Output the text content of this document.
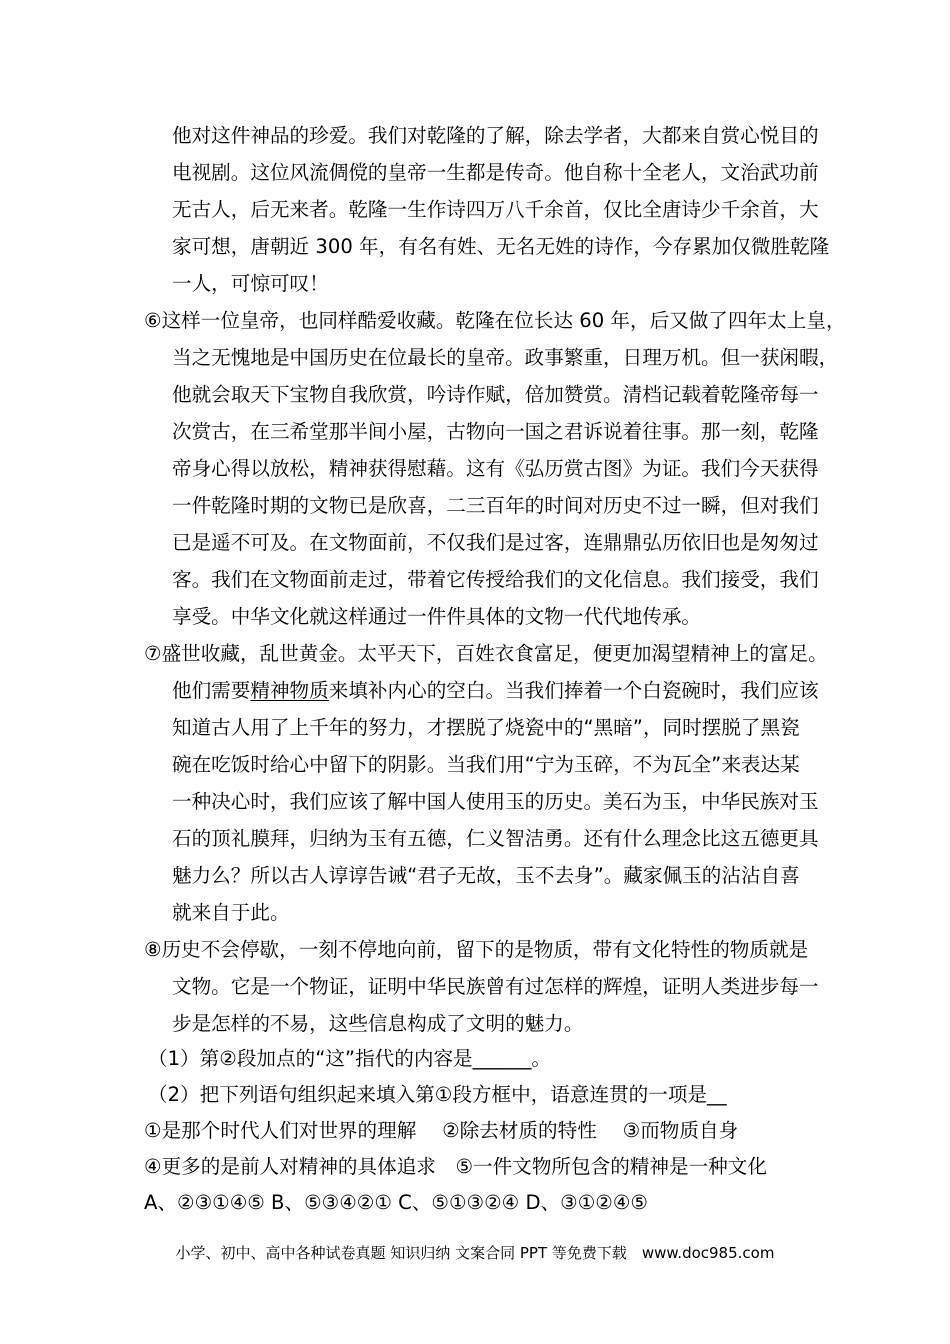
他对这件神品的珍爱。我们对乾隆的了解，除去学者，大都来自赏心悦目的
电视剧。这位风流倜傥的皇帝一生都是传奇。他自称十全老人，文治武功前
无古人，后无来者。乾隆一生作诗四万八千余首，仅比全唐诗少千余首，大
家可想，唐朝近 300 年，有名有姓、无名无姓的诗作，今存累加仅微胜乾隆
一人，可惊可叹！
⑥这样一位皇帝，也同样酷爱收藏。乾隆在位长达 60 年，后又做了四年太上皇，
当之无愧地是中国历史在位最长的皇帝。政事繁重，日理万机。但一获闲暇，
他就会取天下宝物自我欣赏，吟诗作赋，倍加赞赏。清档记载着乾隆帝每一
次赏古，在三希堂那半间小屋，古物向一国之君诉说着往事。那一刻，乾隆
帝身心得以放松，精神获得慰藉。这有《弘历赏古图》为证。我们今天获得
一件乾隆时期的文物已是欣喜，二三百年的时间对历史不过一瞬，但对我们
已是遥不可及。在文物面前，不仅我们是过客，连鼎鼎弘历依旧也是匆匆过
客。我们在文物面前走过，带着它传授给我们的文化信息。我们接受，我们
享受。中华文化就这样通过一件件具体的文物一代代地传承。
⑦盛世收藏，乱世黄金。太平天下，百姓衣食富足，便更加渴望精神上的富足。
他们需要精神物质来填补内心的空白。当我们捧着一个白瓷碗时，我们应该
知道古人用了上千年的努力，才摆脱了烧瓷中的“黑暗”，同时摆脱了黑瓷
碗在吃饭时给心中留下的阴影。当我们用“宁为玉碎，不为瓦全”来表达某
一种决心时，我们应该了解中国人使用玉的历史。美石为玉，中华民族对玉
石的顶礼膜拜，归纳为玉有五德，仁义智洁勇。还有什么理念比这五德更具
魅力么？所以古人谆谆告诫“君子无故，玉不去身”。藏家佩玉的沾沾自喜
就来自于此。
⑧历史不会停歇，一刻不停地向前，留下的是物质，带有文化特性的物质就是
文物。它是一个物证，证明中华民族曾有过怎样的辉煌，证明人类进步每一
步是怎样的不易，这些信息构成了文明的魅力。
（1）第②段加点的“这”指代的内容是______。
（2）把下列语句组织起来填入第①段方框中，语意连贯的一项是__
①是那个时代人们对世界的理解　 ②除去材质的特性　 ③而物质自身
④更多的是前人对精神的具体追求　⑤一件文物所包含的精神是一种文化
A、②③①④⑤ B、⑤③④②① C、⑤①③②④ D、③①②④⑤
小学、初中、高中各种试卷真题 知识归纳 文案合同 PPT 等免费下载　www.doc985.com
